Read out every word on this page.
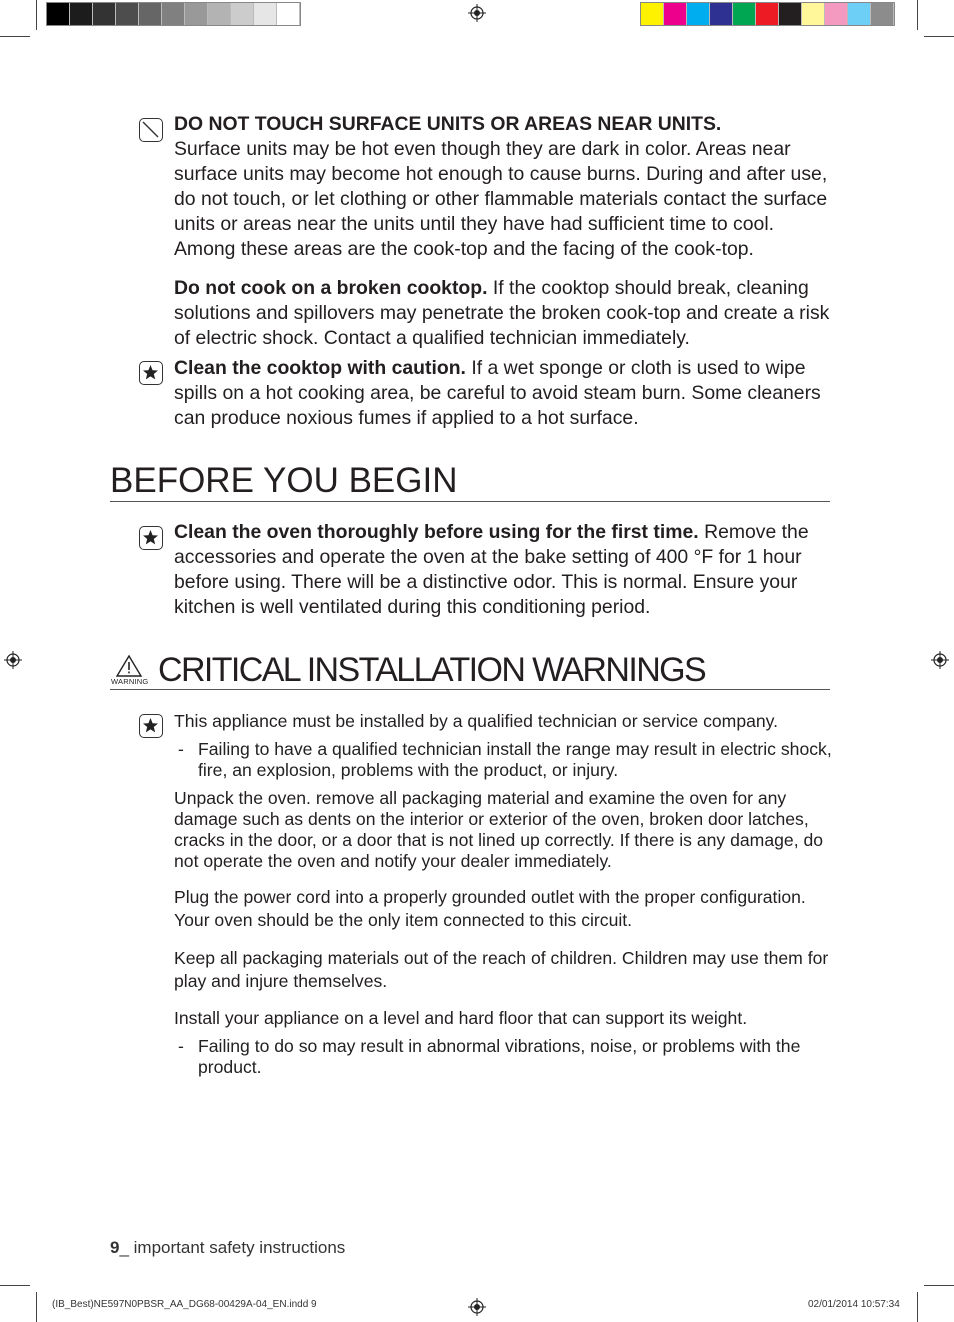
DO NOT TOUCH SURFACE UNITS OR AREAS NEAR UNITS.
Surface units may be hot even though they are dark in color. Areas near surface units may become hot enough to cause burns. During and after use, do not touch, or let clothing or other flammable materials contact the surface units or areas near the units until they have had sufficient time to cool. Among these areas are the cook-top and the facing of the cook-top.
Do not cook on a broken cooktop. If the cooktop should break, cleaning solutions and spillovers may penetrate the broken cook-top and create a risk of electric shock. Contact a qualified technician immediately.
Clean the cooktop with caution. If a wet sponge or cloth is used to wipe spills on a hot cooking area, be careful to avoid steam burn. Some cleaners can produce noxious fumes if applied to a hot surface.
BEFORE YOU BEGIN
Clean the oven thoroughly before using for the first time. Remove the accessories and operate the oven at the bake setting of 400 °F for 1 hour before using. There will be a distinctive odor. This is normal. Ensure your kitchen is well ventilated during this conditioning period.
WARNING CRITICAL INSTALLATION WARNINGS
This appliance must be installed by a qualified technician or service company.
- Failing to have a qualified technician install the range may result in electric shock, fire, an explosion, problems with the product, or injury.
Unpack the oven. remove all packaging material and examine the oven for any damage such as dents on the interior or exterior of the oven, broken door latches, cracks in the door, or a door that is not lined up correctly. If there is any damage, do not operate the oven and notify your dealer immediately.
Plug the power cord into a properly grounded outlet with the proper configuration. Your oven should be the only item connected to this circuit.
Keep all packaging materials out of the reach of children. Children may use them for play and injure themselves.
Install your appliance on a level and hard floor that can support its weight.
- Failing to do so may result in abnormal vibrations, noise, or problems with the product.
9_ important safety instructions
(IB_Best)NE597N0PBSR_AA_DG68-00429A-04_EN.indd 9	02/01/2014 10:57:34
